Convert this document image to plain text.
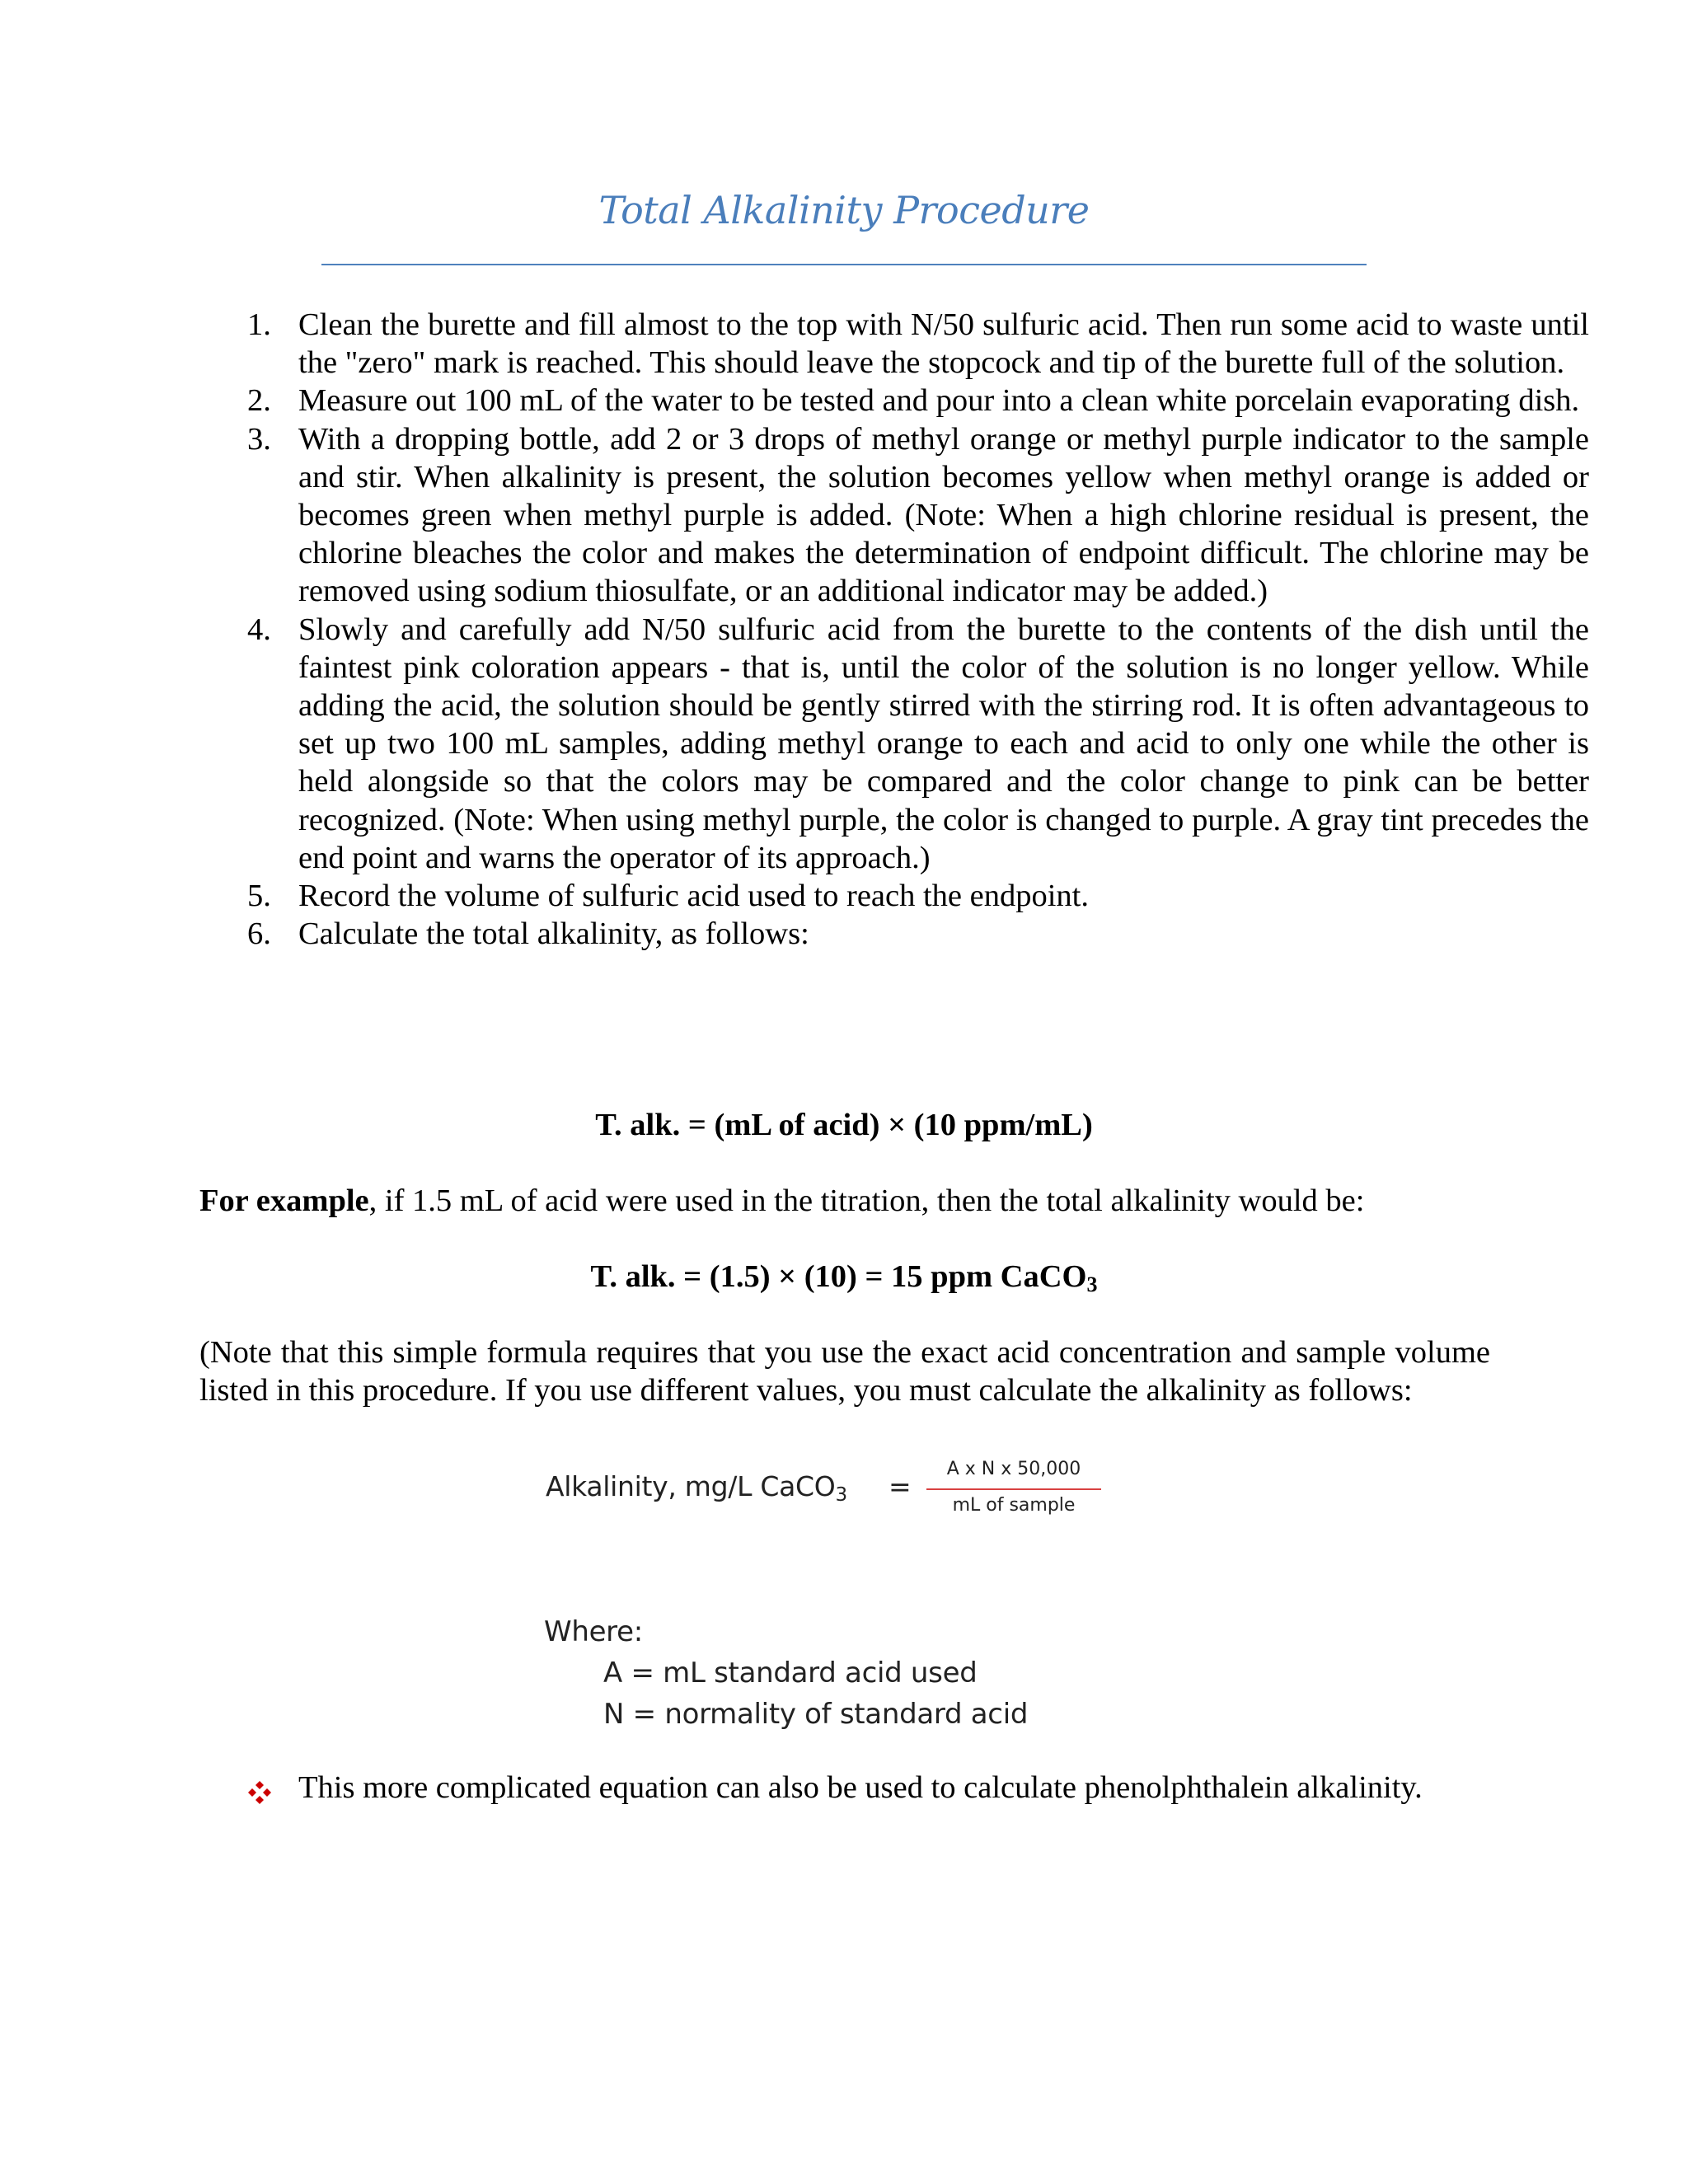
Total Alkalinity Procedure
1. Clean the burette and fill almost to the top with N/50 sulfuric acid. Then run some acid to waste until the "zero" mark is reached. This should leave the stopcock and tip of the burette full of the solution.
2. Measure out 100 mL of the water to be tested and pour into a clean white porcelain evaporating dish.
3. With a dropping bottle, add 2 or 3 drops of methyl orange or methyl purple indicator to the sample and stir. When alkalinity is present, the solution becomes yellow when methyl orange is added or becomes green when methyl purple is added. (Note: When a high chlorine residual is present, the chlorine bleaches the color and makes the determination of endpoint difficult. The chlorine may be removed using sodium thiosulfate, or an additional indicator may be added.)
4. Slowly and carefully add N/50 sulfuric acid from the burette to the contents of the dish until the faintest pink coloration appears - that is, until the color of the solution is no longer yellow. While adding the acid, the solution should be gently stirred with the stirring rod. It is often advantageous to set up two 100 mL samples, adding methyl orange to each and acid to only one while the other is held alongside so that the colors may be compared and the color change to pink can be better recognized. (Note: When using methyl purple, the color is changed to purple. A gray tint precedes the end point and warns the operator of its approach.)
5. Record the volume of sulfuric acid used to reach the endpoint.
6. Calculate the total alkalinity, as follows:
T. alk. = (mL of acid) × (10 ppm/mL)
For example, if 1.5 mL of acid were used in the titration, then the total alkalinity would be:
T. alk. = (1.5) × (10) = 15 ppm CaCO$_3$
(Note that this simple formula requires that you use the exact acid concentration and sample volume listed in this procedure. If you use different values, you must calculate the alkalinity as follows:
Alkalinity, mg/L CaCO$_3$ =
A x N x 50,000
mL of sample
Where:
A = mL standard acid used
N = normality of standard acid
This more complicated equation can also be used to calculate phenolphthalein alkalinity.
